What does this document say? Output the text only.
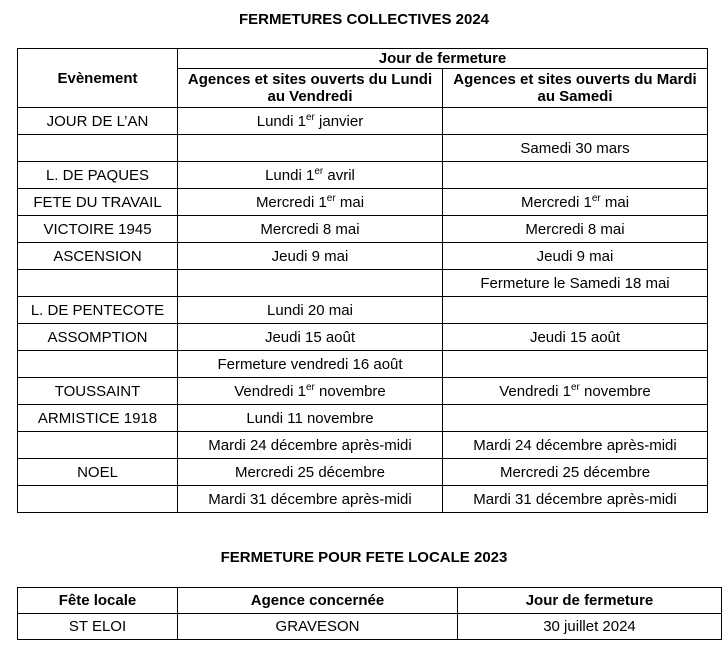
FERMETURES COLLECTIVES 2024
Evènement	Jour de fermeture	
	Agences et sites ouverts du Lundi au Vendredi	Agences et sites ouverts du Mardi au Samedi
JOUR DE L’AN	Lundi 1er janvier	
		Samedi 30 mars
L. DE PAQUES	Lundi 1er avril	
FETE DU TRAVAIL	Mercredi 1er mai	Mercredi 1er mai
VICTOIRE 1945	Mercredi 8 mai	Mercredi 8 mai
ASCENSION	Jeudi 9 mai	Jeudi 9 mai
		Fermeture le Samedi 18 mai
L. DE PENTECOTE	Lundi 20 mai	
ASSOMPTION	Jeudi 15 août	Jeudi 15 août
	Fermeture vendredi 16 août	
TOUSSAINT	Vendredi 1er novembre	Vendredi 1er novembre
ARMISTICE 1918	Lundi 11 novembre	
	Mardi 24 décembre après-midi	Mardi 24 décembre après-midi
NOEL	Mercredi 25 décembre	Mercredi 25 décembre
	Mardi 31 décembre après-midi	Mardi 31 décembre après-midi
FERMETURE POUR FETE LOCALE 2023
Fête locale	Agence concernée	Jour de fermeture
ST ELOI	GRAVESON	30 juillet 2024
